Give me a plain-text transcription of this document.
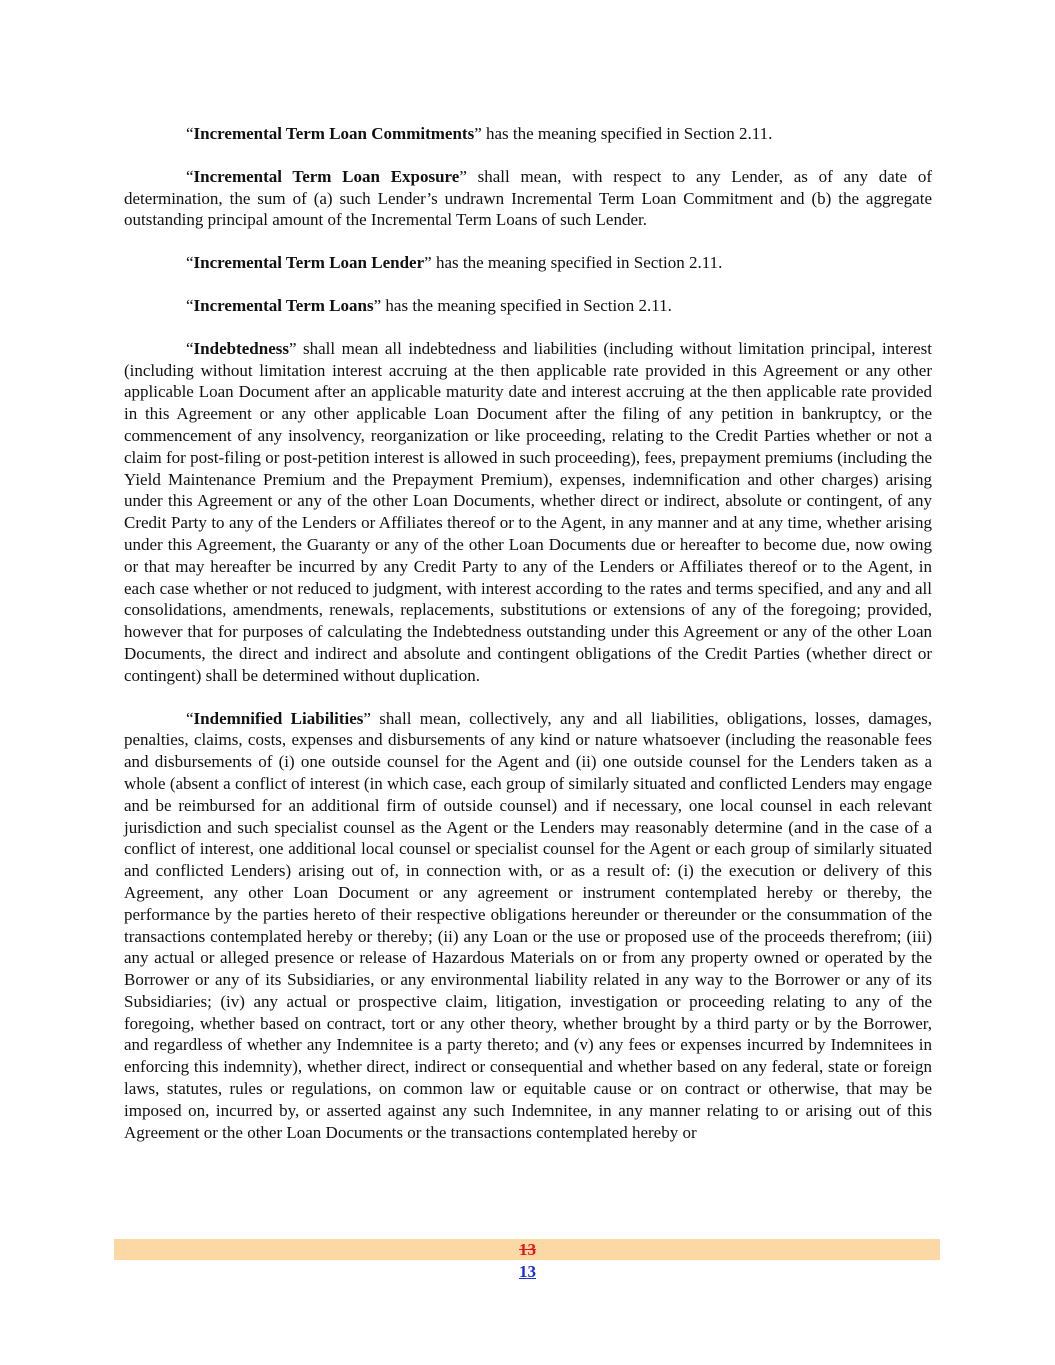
“Incremental Term Loan Commitments” has the meaning specified in Section 2.11.

“Incremental Term Loan Exposure” shall mean, with respect to any Lender, as of any date of determination, the sum of (a) such Lender’s undrawn Incremental Term Loan Commitment and (b) the aggregate outstanding principal amount of the Incremental Term Loans of such Lender.

“Incremental Term Loan Lender” has the meaning specified in Section 2.11.

“Incremental Term Loans” has the meaning specified in Section 2.11.

“Indebtedness” shall mean all indebtedness and liabilities (including without limitation principal, interest (including without limitation interest accruing at the then applicable rate provided in this Agreement or any other applicable Loan Document after an applicable maturity date and interest accruing at the then applicable rate provided in this Agreement or any other applicable Loan Document after the filing of any petition in bankruptcy, or the commencement of any insolvency, reorganization or like proceeding, relating to the Credit Parties whether or not a claim for post-filing or post-petition interest is allowed in such proceeding), fees, prepayment premiums (including the Yield Maintenance Premium and the Prepayment Premium), expenses, indemnification and other charges) arising under this Agreement or any of the other Loan Documents, whether direct or indirect, absolute or contingent, of any Credit Party to any of the Lenders or Affiliates thereof or to the Agent, in any manner and at any time, whether arising under this Agreement, the Guaranty or any of the other Loan Documents due or hereafter to become due, now owing or that may hereafter be incurred by any Credit Party to any of the Lenders or Affiliates thereof or to the Agent, in each case whether or not reduced to judgment, with interest according to the rates and terms specified, and any and all consolidations, amendments, renewals, replacements, substitutions or extensions of any of the foregoing; provided, however that for purposes of calculating the Indebtedness outstanding under this Agreement or any of the other Loan Documents, the direct and indirect and absolute and contingent obligations of the Credit Parties (whether direct or contingent) shall be determined without duplication.

“Indemnified Liabilities” shall mean, collectively, any and all liabilities, obligations, losses, damages, penalties, claims, costs, expenses and disbursements of any kind or nature whatsoever (including the reasonable fees and disbursements of (i) one outside counsel for the Agent and (ii) one outside counsel for the Lenders taken as a whole (absent a conflict of interest (in which case, each group of similarly situated and conflicted Lenders may engage and be reimbursed for an additional firm of outside counsel) and if necessary, one local counsel in each relevant jurisdiction and such specialist counsel as the Agent or the Lenders may reasonably determine (and in the case of a conflict of interest, one additional local counsel or specialist counsel for the Agent or each group of similarly situated and conflicted Lenders) arising out of, in connection with, or as a result of: (i) the execution or delivery of this Agreement, any other Loan Document or any agreement or instrument contemplated hereby or thereby, the performance by the parties hereto of their respective obligations hereunder or thereunder or the consummation of the transactions contemplated hereby or thereby; (ii) any Loan or the use or proposed use of the proceeds therefrom; (iii) any actual or alleged presence or release of Hazardous Materials on or from any property owned or operated by the Borrower or any of its Subsidiaries, or any environmental liability related in any way to the Borrower or any of its Subsidiaries; (iv) any actual or prospective claim, litigation, investigation or proceeding relating to any of the foregoing, whether based on contract, tort or any other theory, whether brought by a third party or by the Borrower, and regardless of whether any Indemnitee is a party thereto; and (v) any fees or expenses incurred by Indemnitees in enforcing this indemnity), whether direct, indirect or consequential and whether based on any federal, state or foreign laws, statutes, rules or regulations, on common law or equitable cause or on contract or otherwise, that may be imposed on, incurred by, or asserted against any such Indemnitee, in any manner relating to or arising out of this Agreement or the other Loan Documents or the transactions contemplated hereby or

13
13
